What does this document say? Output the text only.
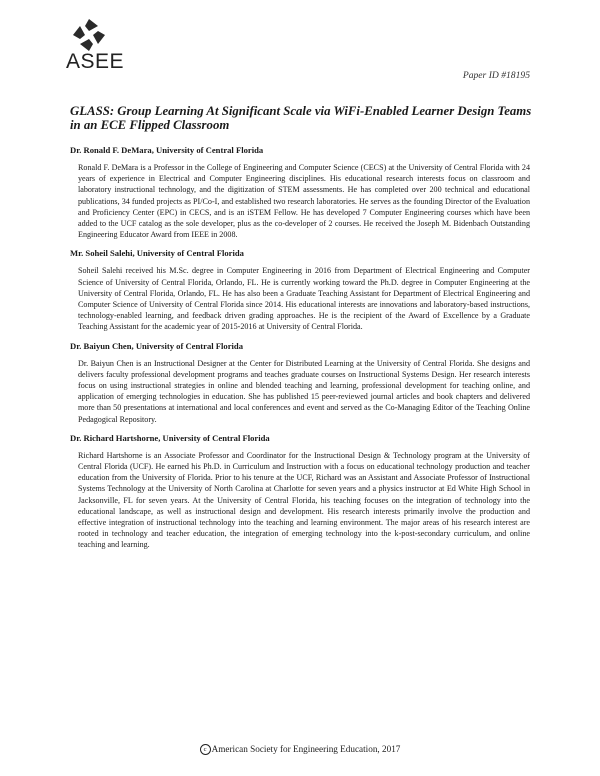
ASEE
Paper ID #18195
GLASS: Group Learning At Significant Scale via WiFi-Enabled Learner Design Teams in an ECE Flipped Classroom

Dr. Ronald F. DeMara, University of Central Florida

Ronald F. DeMara is a Professor in the College of Engineering and Computer Science (CECS) at the University of Central Florida with 24 years of experience in Electrical and Computer Engineering disciplines. His educational research interests focus on classroom and laboratory instructional technology, and the digitization of STEM assessments. He has completed over 200 technical and educational publications, 34 funded projects as PI/Co-I, and established two research laboratories. He serves as the founding Director of the Evaluation and Proficiency Center (EPC) in CECS, and is an iSTEM Fellow. He has developed 7 Computer Engineering courses which have been added to the UCF catalog as the sole developer, plus as the co-developer of 2 courses. He received the Joseph M. Bidenbach Outstanding Engineering Educator Award from IEEE in 2008.

Mr. Soheil Salehi, University of Central Florida

Soheil Salehi received his M.Sc. degree in Computer Engineering in 2016 from Department of Electrical Engineering and Computer Science of University of Central Florida, Orlando, FL. He is currently working toward the Ph.D. degree in Computer Engineering at the University of Central Florida, Orlando, FL. He has also been a Graduate Teaching Assistant for Department of Electrical Engineering and Computer Science of University of Central Florida since 2014. His educational interests are innovations and laboratory-based instructions, technology-enabled learning, and feedback driven grading approaches. He is the recipient of the Award of Excellence by a Graduate Teaching Assistant for the academic year of 2015-2016 at University of Central Florida.

Dr. Baiyun Chen, University of Central Florida

Dr. Baiyun Chen is an Instructional Designer at the Center for Distributed Learning at the University of Central Florida. She designs and delivers faculty professional development programs and teaches graduate courses on Instructional Systems Design. Her research interests focus on using instructional strategies in online and blended teaching and learning, professional development for teaching online, and application of emerging technologies in education. She has published 15 peer-reviewed journal articles and book chapters and delivered more than 50 presentations at international and local conferences and event and served as the Co-Managing Editor of the Teaching Online Pedagogical Repository.

Dr. Richard Hartshorne, University of Central Florida

Richard Hartshorne is an Associate Professor and Coordinator for the Instructional Design & Technology program at the University of Central Florida (UCF). He earned his Ph.D. in Curriculum and Instruction with a focus on educational technology production and teacher education from the University of Florida. Prior to his tenure at the UCF, Richard was an Assistant and Associate Professor of Instructional Systems Technology at the University of North Carolina at Charlotte for seven years and a physics instructor at Ed White High School in Jacksonville, FL for seven years. At the University of Central Florida, his teaching focuses on the integration of technology into the educational landscape, as well as instructional design and development. His research interests primarily involve the production and effective integration of instructional technology into the teaching and learning environment. The major areas of his research interest are rooted in technology and teacher education, the integration of emerging technology into the k-post-secondary curriculum, and online teaching and learning.

c American Society for Engineering Education, 2017
